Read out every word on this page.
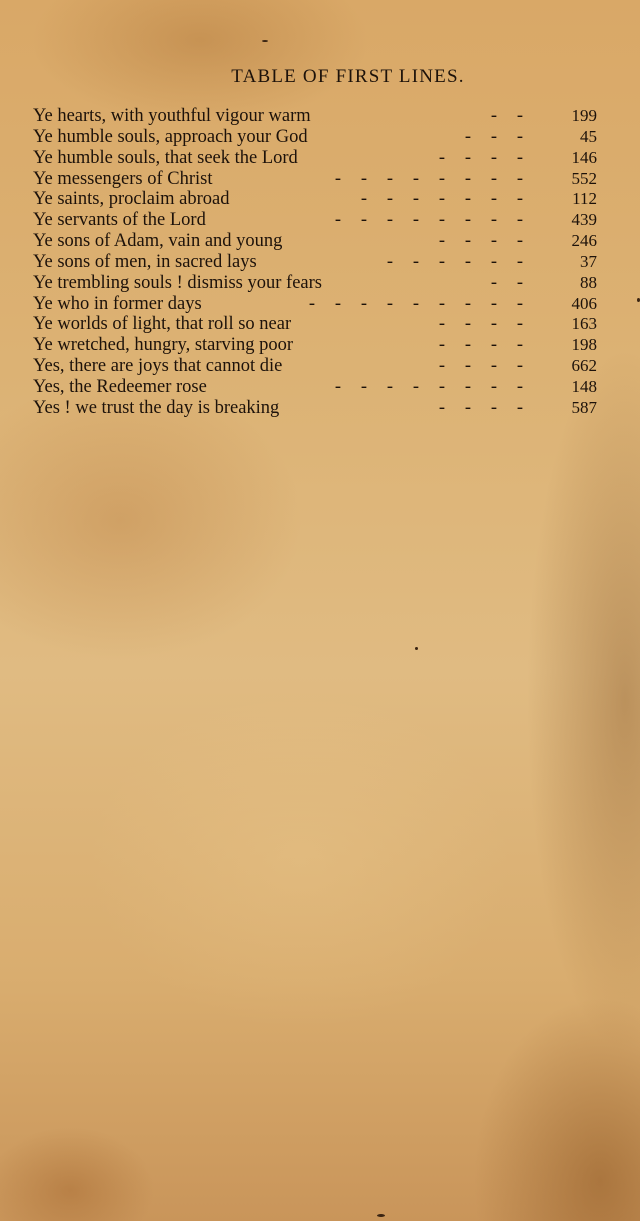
TABLE OF FIRST LINES.
Ye hearts, with youthful vigour warm	- -	199
Ye humble souls, approach your God	- - -	45
Ye humble souls, that seek the Lord	- - - -	146
Ye messengers of Christ	- - - - - - - -	552
Ye saints, proclaim abroad	- - - - - - -	112
Ye servants of the Lord	- - - - - - - -	439
Ye sons of Adam, vain and young	- - - -	246
Ye sons of men, in sacred lays	- - - - - -	37
Ye trembling souls ! dismiss your fears	- -	88
Ye who in former days	- - - - - - - - -	406
Ye worlds of light, that roll so near	- - - -	163
Ye wretched, hungry, starving poor	- - - -	198
Yes, there are joys that cannot die	- - - -	662
Yes, the Redeemer rose	- - - - - - - -	148
Yes ! we trust the day is breaking	- - - -	587
